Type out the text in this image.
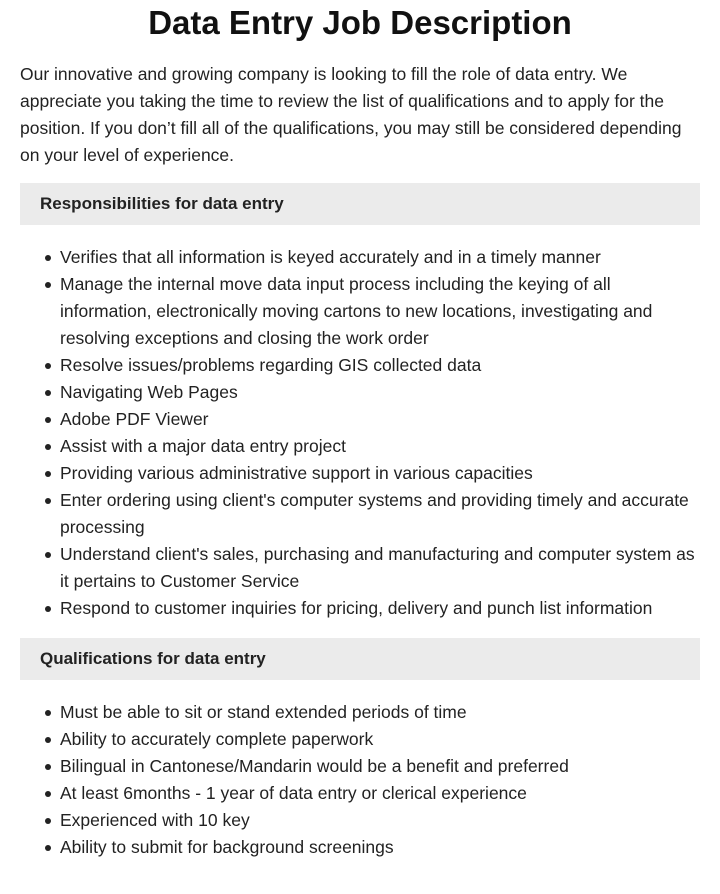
Data Entry Job Description

Our innovative and growing company is looking to fill the role of data entry. We appreciate you taking the time to review the list of qualifications and to apply for the position. If you don’t fill all of the qualifications, you may still be considered depending on your level of experience.

Responsibilities for data entry
Verifies that all information is keyed accurately and in a timely manner
Manage the internal move data input process including the keying of all information, electronically moving cartons to new locations, investigating and resolving exceptions and closing the work order
Resolve issues/problems regarding GIS collected data
Navigating Web Pages
Adobe PDF Viewer
Assist with a major data entry project
Providing various administrative support in various capacities
Enter ordering using client's computer systems and providing timely and accurate processing
Understand client's sales, purchasing and manufacturing and computer system as it pertains to Customer Service
Respond to customer inquiries for pricing, delivery and punch list information
Qualifications for data entry
Must be able to sit or stand extended periods of time
Ability to accurately complete paperwork
Bilingual in Cantonese/Mandarin would be a benefit and preferred
At least 6months - 1 year of data entry or clerical experience
Experienced with 10 key
Ability to submit for background screenings
